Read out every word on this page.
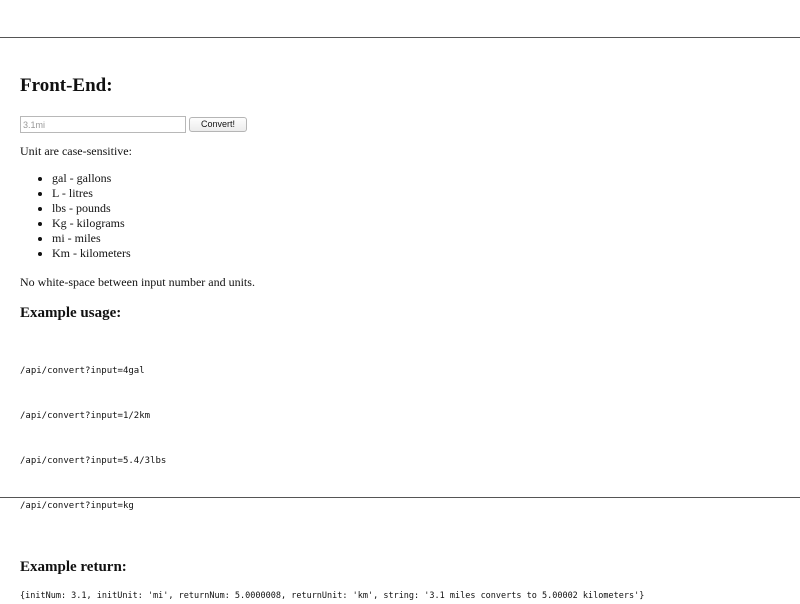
Front-End:
3.1mi
Convert!

Unit are case-sensitive:

• gal - gallons
• L - litres
• lbs - pounds
• Kg - kilograms
• mi - miles
• Km - kilometers

No white-space between input number and units.

Example usage:

/api/convert?input=4gal

/api/convert?input=1/2km

/api/convert?input=5.4/3lbs

/api/convert?input=kg

Example return:
{initNum: 3.1, initUnit: 'mi', returnNum: 5.0000008, returnUnit: 'km', string: '3.1 miles converts to 5.00002 kilometers'}
